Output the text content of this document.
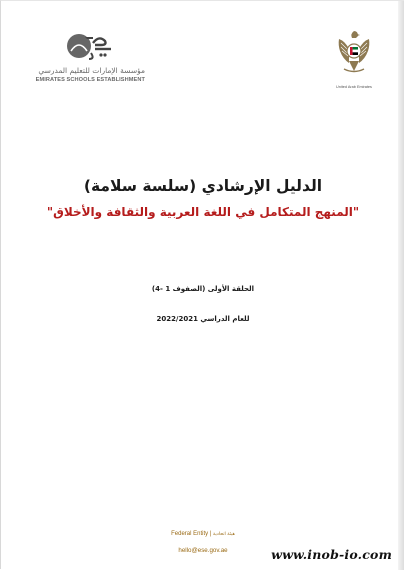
مؤسسة الإمارات للتعليم المدرسي
EMIRATES SCHOOLS ESTABLISHMENT
United Arab Emirates
الدليل الإرشادي (سلسة سلامة)
"المنهج المتكامل في اللغة العربية والثقافة والأخلاق"
الحلقة الأولى (الصفوف 1 -4)
للعام الدراسي 2022/2021
Federal Entity | هيئة اتحادية
hello@ese.gov.ae	www.inob-io.com
